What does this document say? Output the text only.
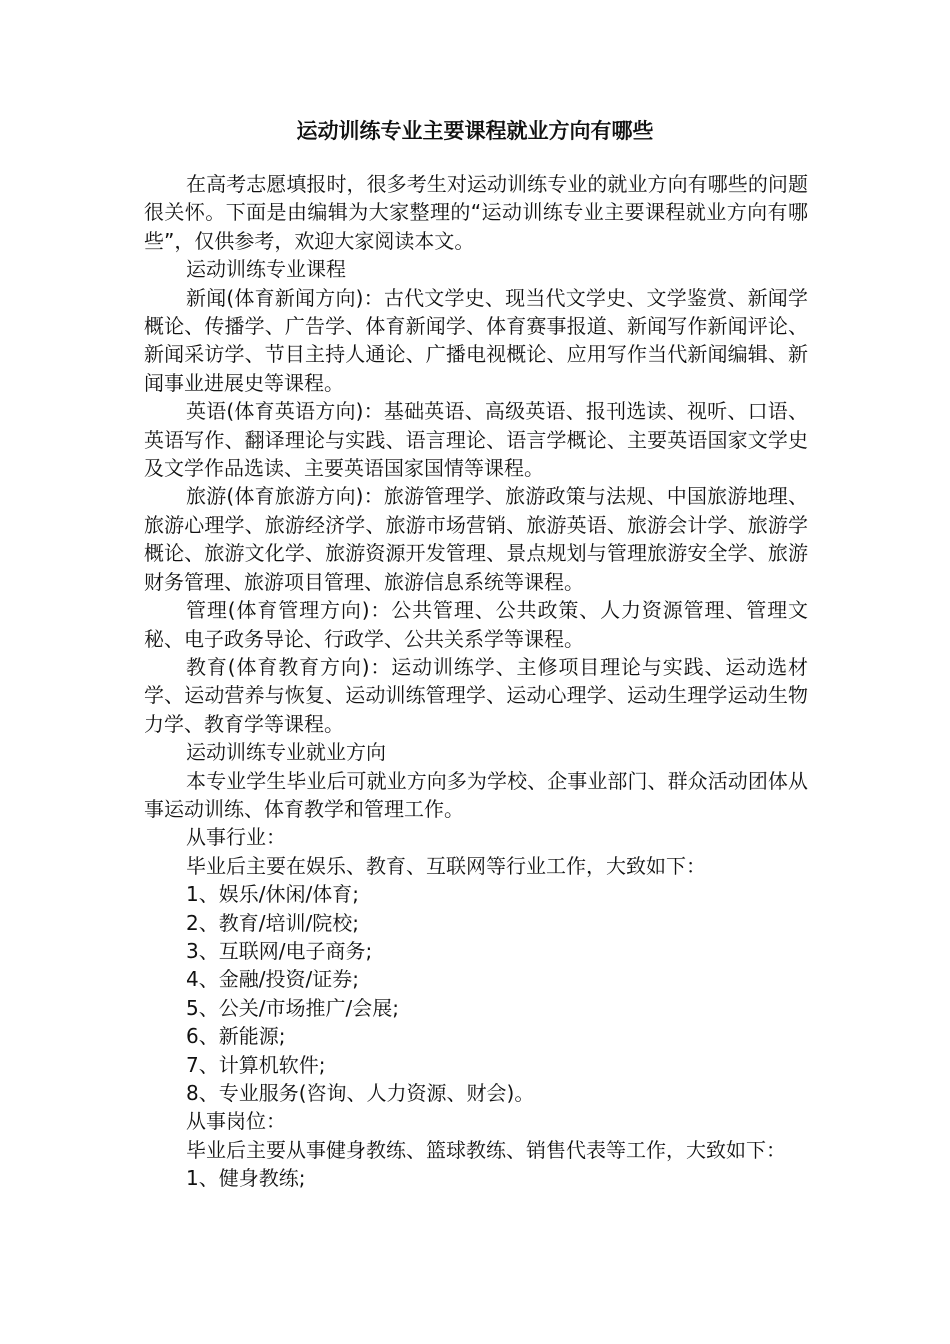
运动训练专业主要课程就业方向有哪些

在高考志愿填报时，很多考生对运动训练专业的就业方向有哪些的问题很关怀。下面是由编辑为大家整理的“运动训练专业主要课程就业方向有哪些”，仅供参考，欢迎大家阅读本文。

运动训练专业课程

新闻(体育新闻方向)：古代文学史、现当代文学史、文学鉴赏、新闻学概论、传播学、广告学、体育新闻学、体育赛事报道、新闻写作新闻评论、新闻采访学、节目主持人通论、广播电视概论、应用写作当代新闻编辑、新闻事业进展史等课程。

英语(体育英语方向)：基础英语、高级英语、报刊选读、视听、口语、英语写作、翻译理论与实践、语言理论、语言学概论、主要英语国家文学史及文学作品选读、主要英语国家国情等课程。

旅游(体育旅游方向)：旅游管理学、旅游政策与法规、中国旅游地理、旅游心理学、旅游经济学、旅游市场营销、旅游英语、旅游会计学、旅游学概论、旅游文化学、旅游资源开发管理、景点规划与管理旅游安全学、旅游财务管理、旅游项目管理、旅游信息系统等课程。

管理(体育管理方向)：公共管理、公共政策、人力资源管理、管理文秘、电子政务导论、行政学、公共关系学等课程。

教育(体育教育方向)：运动训练学、主修项目理论与实践、运动选材学、运动营养与恢复、运动训练管理学、运动心理学、运动生理学运动生物力学、教育学等课程。

运动训练专业就业方向

本专业学生毕业后可就业方向多为学校、企事业部门、群众活动团体从事运动训练、体育教学和管理工作。

从事行业：

毕业后主要在娱乐、教育、互联网等行业工作，大致如下：

1、娱乐/休闲/体育;

2、教育/培训/院校;

3、互联网/电子商务;

4、金融/投资/证券;

5、公关/市场推广/会展;

6、新能源;

7、计算机软件;

8、专业服务(咨询、人力资源、财会)。

从事岗位：

毕业后主要从事健身教练、篮球教练、销售代表等工作，大致如下：

1、健身教练;
